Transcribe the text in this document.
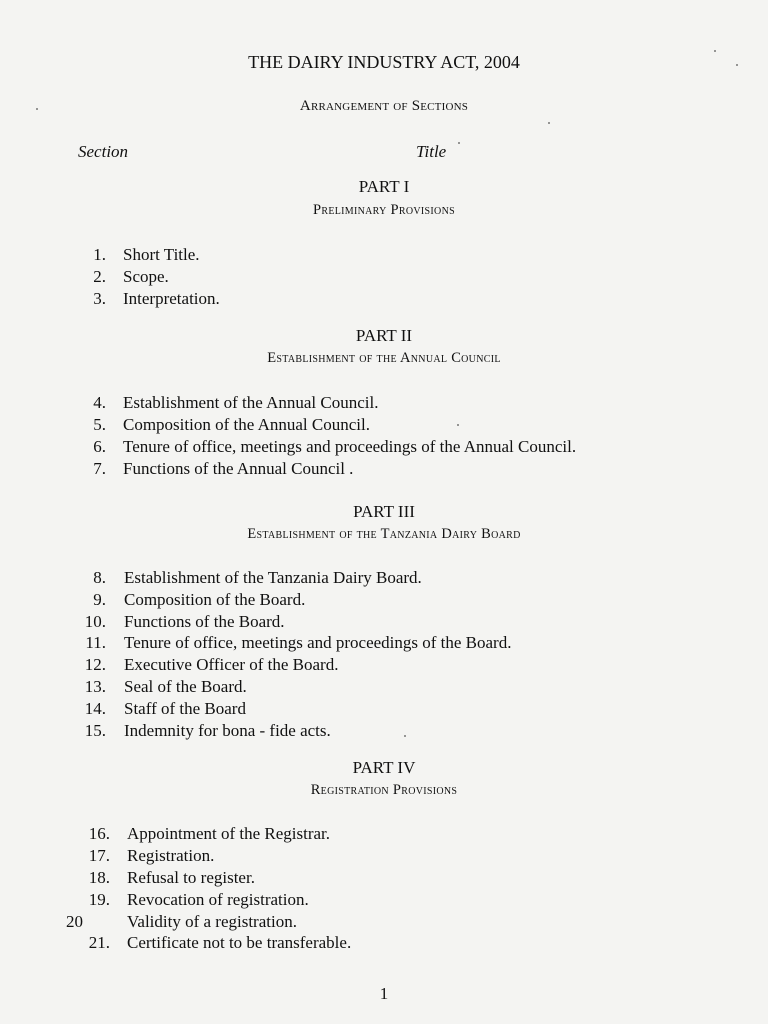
THE DAIRY INDUSTRY ACT, 2004
Arrangement of Sections
Section	Title
PART I
Preliminary Provisions
1. Short Title.
2. Scope.
3. Interpretation.
PART II
Establishment of the Annual Council
4. Establishment of the Annual Council.
5. Composition of the Annual Council.
6. Tenure of office, meetings and proceedings of the Annual Council.
7. Functions of the Annual Council .
PART III
Establishment of the Tanzania Dairy Board
8. Establishment of the Tanzania Dairy Board.
9. Composition of the Board.
10. Functions of the Board.
11. Tenure of office, meetings and proceedings of the Board.
12. Executive Officer of the Board.
13. Seal of the Board.
14. Staff of the Board
15. Indemnity for bona - fide acts.
PART IV
Registration Provisions
16. Appointment of the Registrar.
17. Registration.
18. Refusal to register.
19. Revocation of registration.
20	Validity of a registration.
21. Certificate not to be transferable.
1
